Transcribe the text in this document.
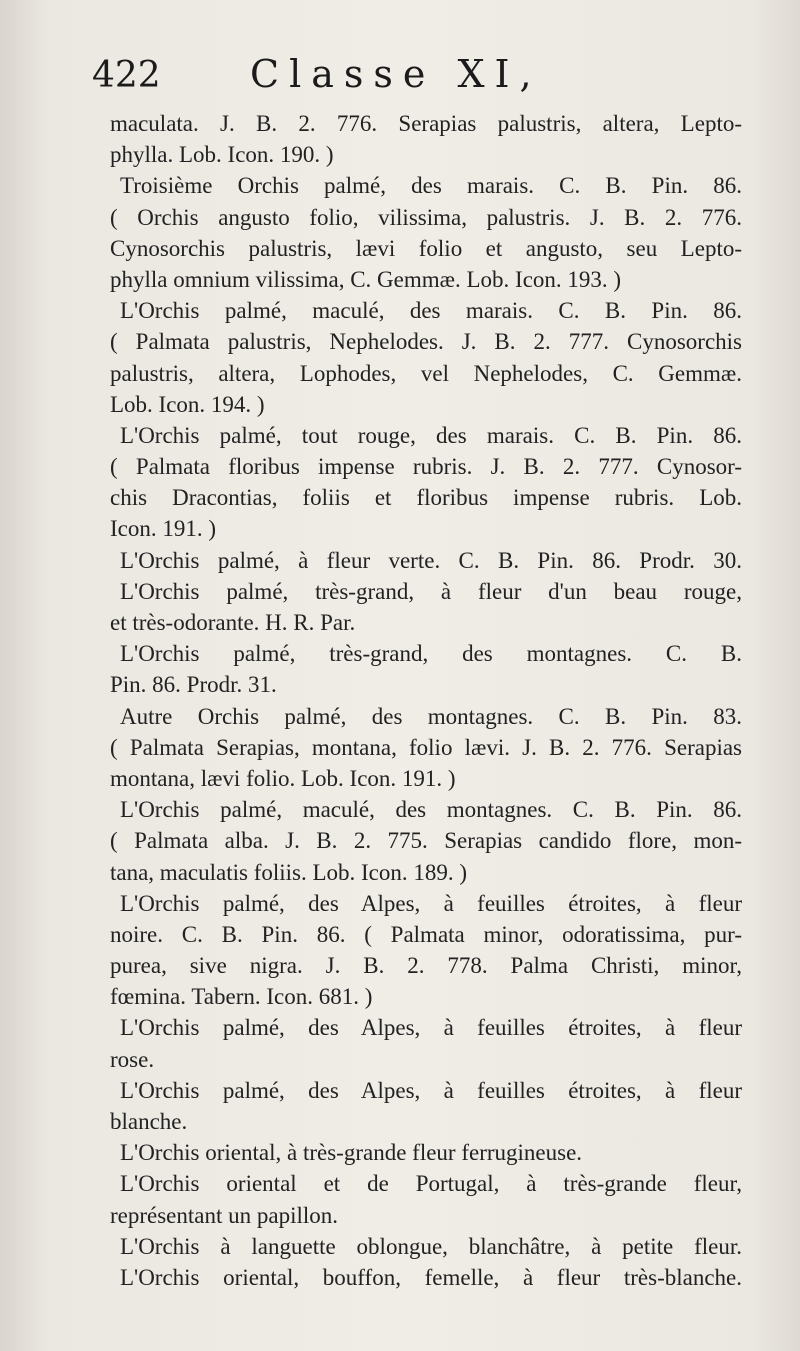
422 Classe XI,
maculata. J. B. 2. 776. Serapias palustris, altera, Lepto-
phylla. Lob. Icon. 190. )
Troisième Orchis palmé, des marais. C. B. Pin. 86.
( Orchis angusto folio, vilissima, palustris. J. B. 2. 776.
Cynosorchis palustris, lævi folio et angusto, seu Lepto-
phylla omnium vilissima, C. Gemmæ. Lob. Icon. 193. )
L'Orchis palmé, maculé, des marais. C. B. Pin. 86.
( Palmata palustris, Nephelodes. J. B. 2. 777. Cynosorchis
palustris, altera, Lophodes, vel Nephelodes, C. Gemmæ.
Lob. Icon. 194. )
L'Orchis palmé, tout rouge, des marais. C. B. Pin. 86.
( Palmata floribus impense rubris. J. B. 2. 777. Cynosor-
chis Dracontias, foliis et floribus impense rubris. Lob.
Icon. 191. )
L'Orchis palmé, à fleur verte. C. B. Pin. 86. Prodr. 30.
L'Orchis palmé, très-grand, à fleur d'un beau rouge,
et très-odorante. H. R. Par.
L'Orchis palmé, très-grand, des montagnes. C. B.
Pin. 86. Prodr. 31.
Autre Orchis palmé, des montagnes. C. B. Pin. 83.
( Palmata Serapias, montana, folio lævi. J. B. 2. 776. Serapias
montana, lævi folio. Lob. Icon. 191. )
L'Orchis palmé, maculé, des montagnes. C. B. Pin. 86.
( Palmata alba. J. B. 2. 775. Serapias candido flore, mon-
tana, maculatis foliis. Lob. Icon. 189. )
L'Orchis palmé, des Alpes, à feuilles étroites, à fleur
noire. C. B. Pin. 86. ( Palmata minor, odoratissima, pur-
purea, sive nigra. J. B. 2. 778. Palma Christi, minor,
fœmina. Tabern. Icon. 681. )
L'Orchis palmé, des Alpes, à feuilles étroites, à fleur
rose.
L'Orchis palmé, des Alpes, à feuilles étroites, à fleur
blanche.
L'Orchis oriental, à très-grande fleur ferrugineuse.
L'Orchis oriental et de Portugal, à très-grande fleur,
représentant un papillon.
L'Orchis à languette oblongue, blanchâtre, à petite fleur.
L'Orchis oriental, bouffon, femelle, à fleur très-blanche.
